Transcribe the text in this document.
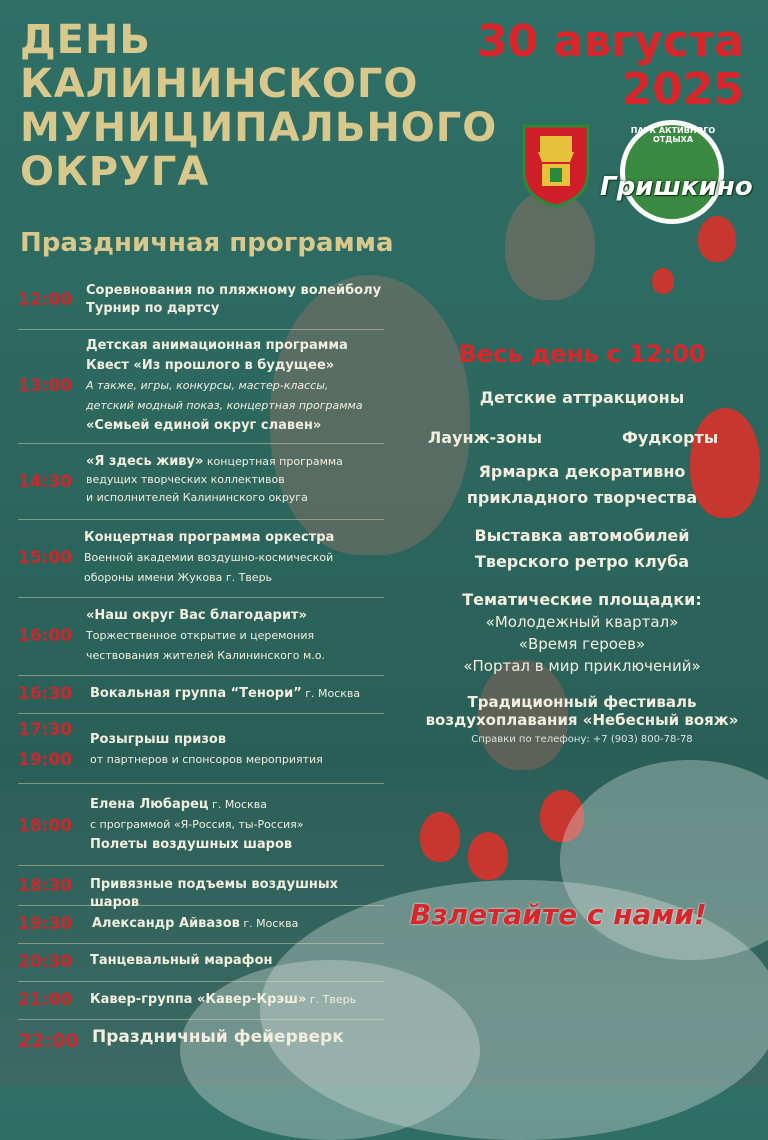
ДЕНЬ
КАЛИНИНСКОГО
МУНИЦИПАЛЬНОГО
ОКРУГА
30 августа
2025
ПАРК АКТИВНОГО ОТДЫХА
Гришкино
Праздничная программа
12:00 Соревнования по пляжному волейболу
Турнир по дартсу
13:00
Детская анимационная программа
Квест «Из прошлого в будущее»
А также, игры, конкурсы, мастер-классы,
детский модный показ, концертная программа
«Семьей единой округ славен»
14:30
«Я здесь живу» концертная программа
ведущих творческих коллективов
и исполнителей Калининского округа
15:00
Концертная программа оркестра
Военной академии воздушно-космической
обороны имени Жукова г. Тверь
16:00
«Наш округ Вас благодарит»
Торжественное открытие и церемония
чествования жителей Калининского м.о.
16:30 Вокальная группа “Тенори” г. Москва
17:30
19:00
Розыгрыш призов
от партнеров и спонсоров мероприятия
18:00
Елена Любарец г. Москва
с программой «Я-Россия, ты-Россия»
Полеты воздушных шаров
18:30 Привязные подъемы воздушных шаров
19:30 Александр Айвазов г. Москва
20:30 Танцевальный марафон
21:00 Кавер-группа «Кавер-Крэш» г. Тверь
22:00 Праздничный фейерверк
Весь день с 12:00
Детские аттракционы
Лаунж-зоны	Фудкорты
Ярмарка декоративно
прикладного творчества
Выставка автомобилей
Тверского ретро клуба
Тематические площадки:
«Молодежный квартал»
«Время героев»
«Портал в мир приключений»
Традиционный фестиваль
воздухоплавания «Небесный вояж»
Справки по телефону: +7 (903) 800-78-78
Взлетайте с нами!
